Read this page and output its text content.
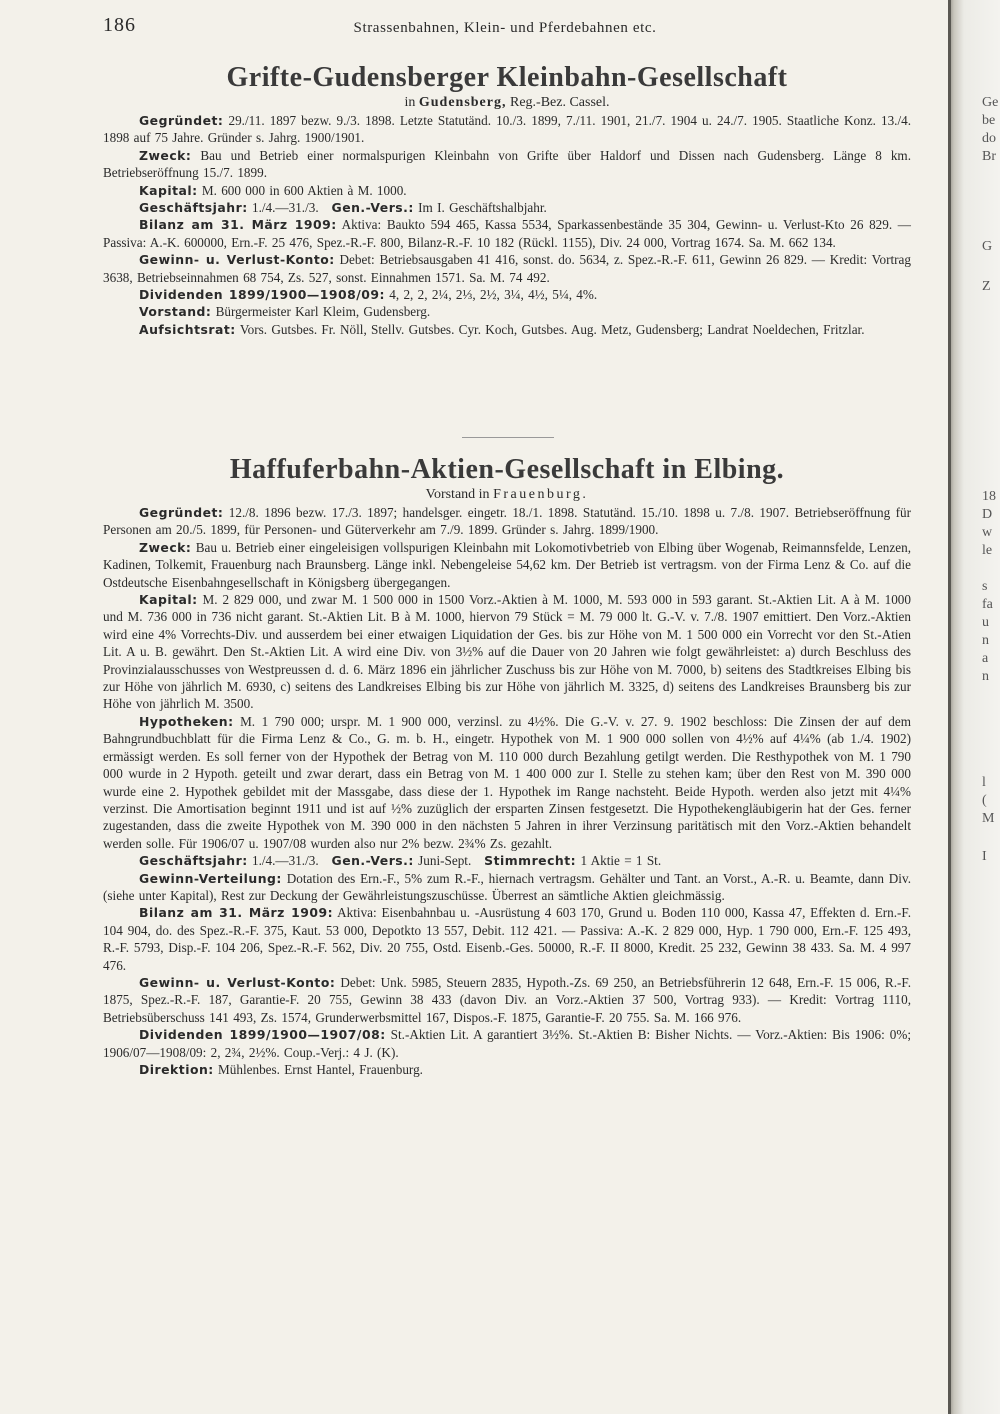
186	Strassenbahnen, Klein- und Pferdebahnen etc.
Grifte-Gudensberger Kleinbahn-Gesellschaft
in Gudensberg, Reg.-Bez. Cassel.

Gegründet: 29./11. 1897 bezw. 9./3. 1898. Letzte Statutänd. 10./3. 1899, 7./11. 1901, 21./7. 1904 u. 24./7. 1905. Staatliche Konz. 13./4. 1898 auf 75 Jahre. Gründer s. Jahrg. 1900/1901.

Zweck: Bau und Betrieb einer normalspurigen Kleinbahn von Grifte über Haldorf und Dissen nach Gudensberg. Länge 8 km. Betriebseröffnung 15./7. 1899.

Kapital: M. 600 000 in 600 Aktien à M. 1000.

Geschäftsjahr: 1./4.—31./3. Gen.-Vers.: Im I. Geschäftshalbjahr.

Bilanz am 31. März 1909: Aktiva: Baukto 594 465, Kassa 5534, Sparkassenbestände 35 304, Gewinn- u. Verlust-Kto 26 829. — Passiva: A.-K. 600000, Ern.-F. 25 476, Spez.-R.-F. 800, Bilanz-R.-F. 10 182 (Rückl. 1155), Div. 24 000, Vortrag 1674. Sa. M. 662 134.

Gewinn- u. Verlust-Konto: Debet: Betriebsausgaben 41 416, sonst. do. 5634, z. Spez.-R.-F. 611, Gewinn 26 829. — Kredit: Vortrag 3638, Betriebseinnahmen 68 754, Zs. 527, sonst. Einnahmen 1571. Sa. M. 74 492.

Dividenden 1899/1900—1908/09: 4, 2, 2, 2¼, 2⅓, 2½, 3¼, 4½, 5¼, 4%.

Vorstand: Bürgermeister Karl Kleim, Gudensberg.

Aufsichtsrat: Vors. Gutsbes. Fr. Nöll, Stellv. Gutsbes. Cyr. Koch, Gutsbes. Aug. Metz, Gudensberg; Landrat Noeldechen, Fritzlar.

Haffuferbahn-Aktien-Gesellschaft in Elbing.
Vorstand in Frauenburg.

Gegründet: 12./8. 1896 bezw. 17./3. 1897; handelsger. eingetr. 18./1. 1898. Statutänd. 15./10. 1898 u. 7./8. 1907. Betriebseröffnung für Personen am 20./5. 1899, für Personen- und Güterverkehr am 7./9. 1899. Gründer s. Jahrg. 1899/1900.

Zweck: Bau u. Betrieb einer eingeleisigen vollspurigen Kleinbahn mit Lokomotivbetrieb von Elbing über Wogenab, Reimannsfelde, Lenzen, Kadinen, Tolkemit, Frauenburg nach Braunsberg. Länge inkl. Nebengeleise 54,62 km. Der Betrieb ist vertragsm. von der Firma Lenz & Co. auf die Ostdeutsche Eisenbahngesellschaft in Königsberg übergegangen.

Kapital: M. 2 829 000, und zwar M. 1 500 000 in 1500 Vorz.-Aktien à M. 1000, M. 593 000 in 593 garant. St.-Aktien Lit. A à M. 1000 und M. 736 000 in 736 nicht garant. St.-Aktien Lit. B à M. 1000, hiervon 79 Stück = M. 79 000 lt. G.-V. v. 7./8. 1907 emittiert. Den Vorz.-Aktien wird eine 4% Vorrechts-Div. und ausserdem bei einer etwaigen Liquidation der Ges. bis zur Höhe von M. 1 500 000 ein Vorrecht vor den St.-Atien Lit. A u. B. gewährt. Den St.-Aktien Lit. A wird eine Div. von 3½% auf die Dauer von 20 Jahren wie folgt gewährleistet: a) durch Beschluss des Provinzialausschusses von Westpreussen d. d. 6. März 1896 ein jährlicher Zuschuss bis zur Höhe von M. 7000, b) seitens des Stadtkreises Elbing bis zur Höhe von jährlich M. 6930, c) seitens des Landkreises Elbing bis zur Höhe von jährlich M. 3325, d) seitens des Landkreises Braunsberg bis zur Höhe von jährlich M. 3500.

Hypotheken: M. 1 790 000; urspr. M. 1 900 000, verzinsl. zu 4½%. Die G.-V. v. 27. 9. 1902 beschloss: Die Zinsen der auf dem Bahngrundbuchblatt für die Firma Lenz & Co., G. m. b. H., eingetr. Hypothek von M. 1 900 000 sollen von 4½% auf 4¼% (ab 1./4. 1902) ermässigt werden. Es soll ferner von der Hypothek der Betrag von M. 110 000 durch Bezahlung getilgt werden. Die Resthypothek von M. 1 790 000 wurde in 2 Hypoth. geteilt und zwar derart, dass ein Betrag von M. 1 400 000 zur I. Stelle zu stehen kam; über den Rest von M. 390 000 wurde eine 2. Hypothek gebildet mit der Massgabe, dass diese der 1. Hypothek im Range nachsteht. Beide Hypoth. werden also jetzt mit 4¼% verzinst. Die Amortisation beginnt 1911 und ist auf ½% zuzüglich der ersparten Zinsen festgesetzt. Die Hypothekengläubigerin hat der Ges. ferner zugestanden, dass die zweite Hypothek von M. 390 000 in den nächsten 5 Jahren in ihrer Verzinsung paritätisch mit den Vorz.-Aktien behandelt werden solle. Für 1906/07 u. 1907/08 wurden also nur 2% bezw. 2¾% Zs. gezahlt.

Geschäftsjahr: 1./4.—31./3. Gen.-Vers.: Juni-Sept. Stimmrecht: 1 Aktie = 1 St.

Gewinn-Verteilung: Dotation des Ern.-F., 5% zum R.-F., hiernach vertragsm. Gehälter und Tant. an Vorst., A.-R. u. Beamte, dann Div. (siehe unter Kapital), Rest zur Deckung der Gewährleistungszuschüsse. Überrest an sämtliche Aktien gleichmässig.

Bilanz am 31. März 1909: Aktiva: Eisenbahnbau u. -Ausrüstung 4 603 170, Grund u. Boden 110 000, Kassa 47, Effekten d. Ern.-F. 104 904, do. des Spez.-R.-F. 375, Kaut. 53 000, Depotkto 13 557, Debit. 112 421. — Passiva: A.-K. 2 829 000, Hyp. 1 790 000, Ern.-F. 125 493, R.-F. 5793, Disp.-F. 104 206, Spez.-R.-F. 562, Div. 20 755, Ostd. Eisenb.-Ges. 50000, R.-F. II 8000, Kredit. 25 232, Gewinn 38 433. Sa. M. 4 997 476.

Gewinn- u. Verlust-Konto: Debet: Unk. 5985, Steuern 2835, Hypoth.-Zs. 69 250, an Betriebsführerin 12 648, Ern.-F. 15 006, R.-F. 1875, Spez.-R.-F. 187, Garantie-F. 20 755, Gewinn 38 433 (davon Div. an Vorz.-Aktien 37 500, Vortrag 933). — Kredit: Vortrag 1110, Betriebsüberschuss 141 493, Zs. 1574, Grunderwerbsmittel 167, Dispos.-F. 1875, Garantie-F. 20 755. Sa. M. 166 976.

Dividenden 1899/1900—1907/08: St.-Aktien Lit. A garantiert 3½%. St.-Aktien B: Bisher Nichts. — Vorz.-Aktien: Bis 1906: 0%; 1906/07—1908/09: 2, 2¾, 2½%. Coup.-Verj.: 4 J. (K).

Direktion: Mühlenbes. Ernst Hantel, Frauenburg.

Ge
be
do
Br
G
Z
18
D
w
le
s
fa
u
n
a
n
l
(
M
I
